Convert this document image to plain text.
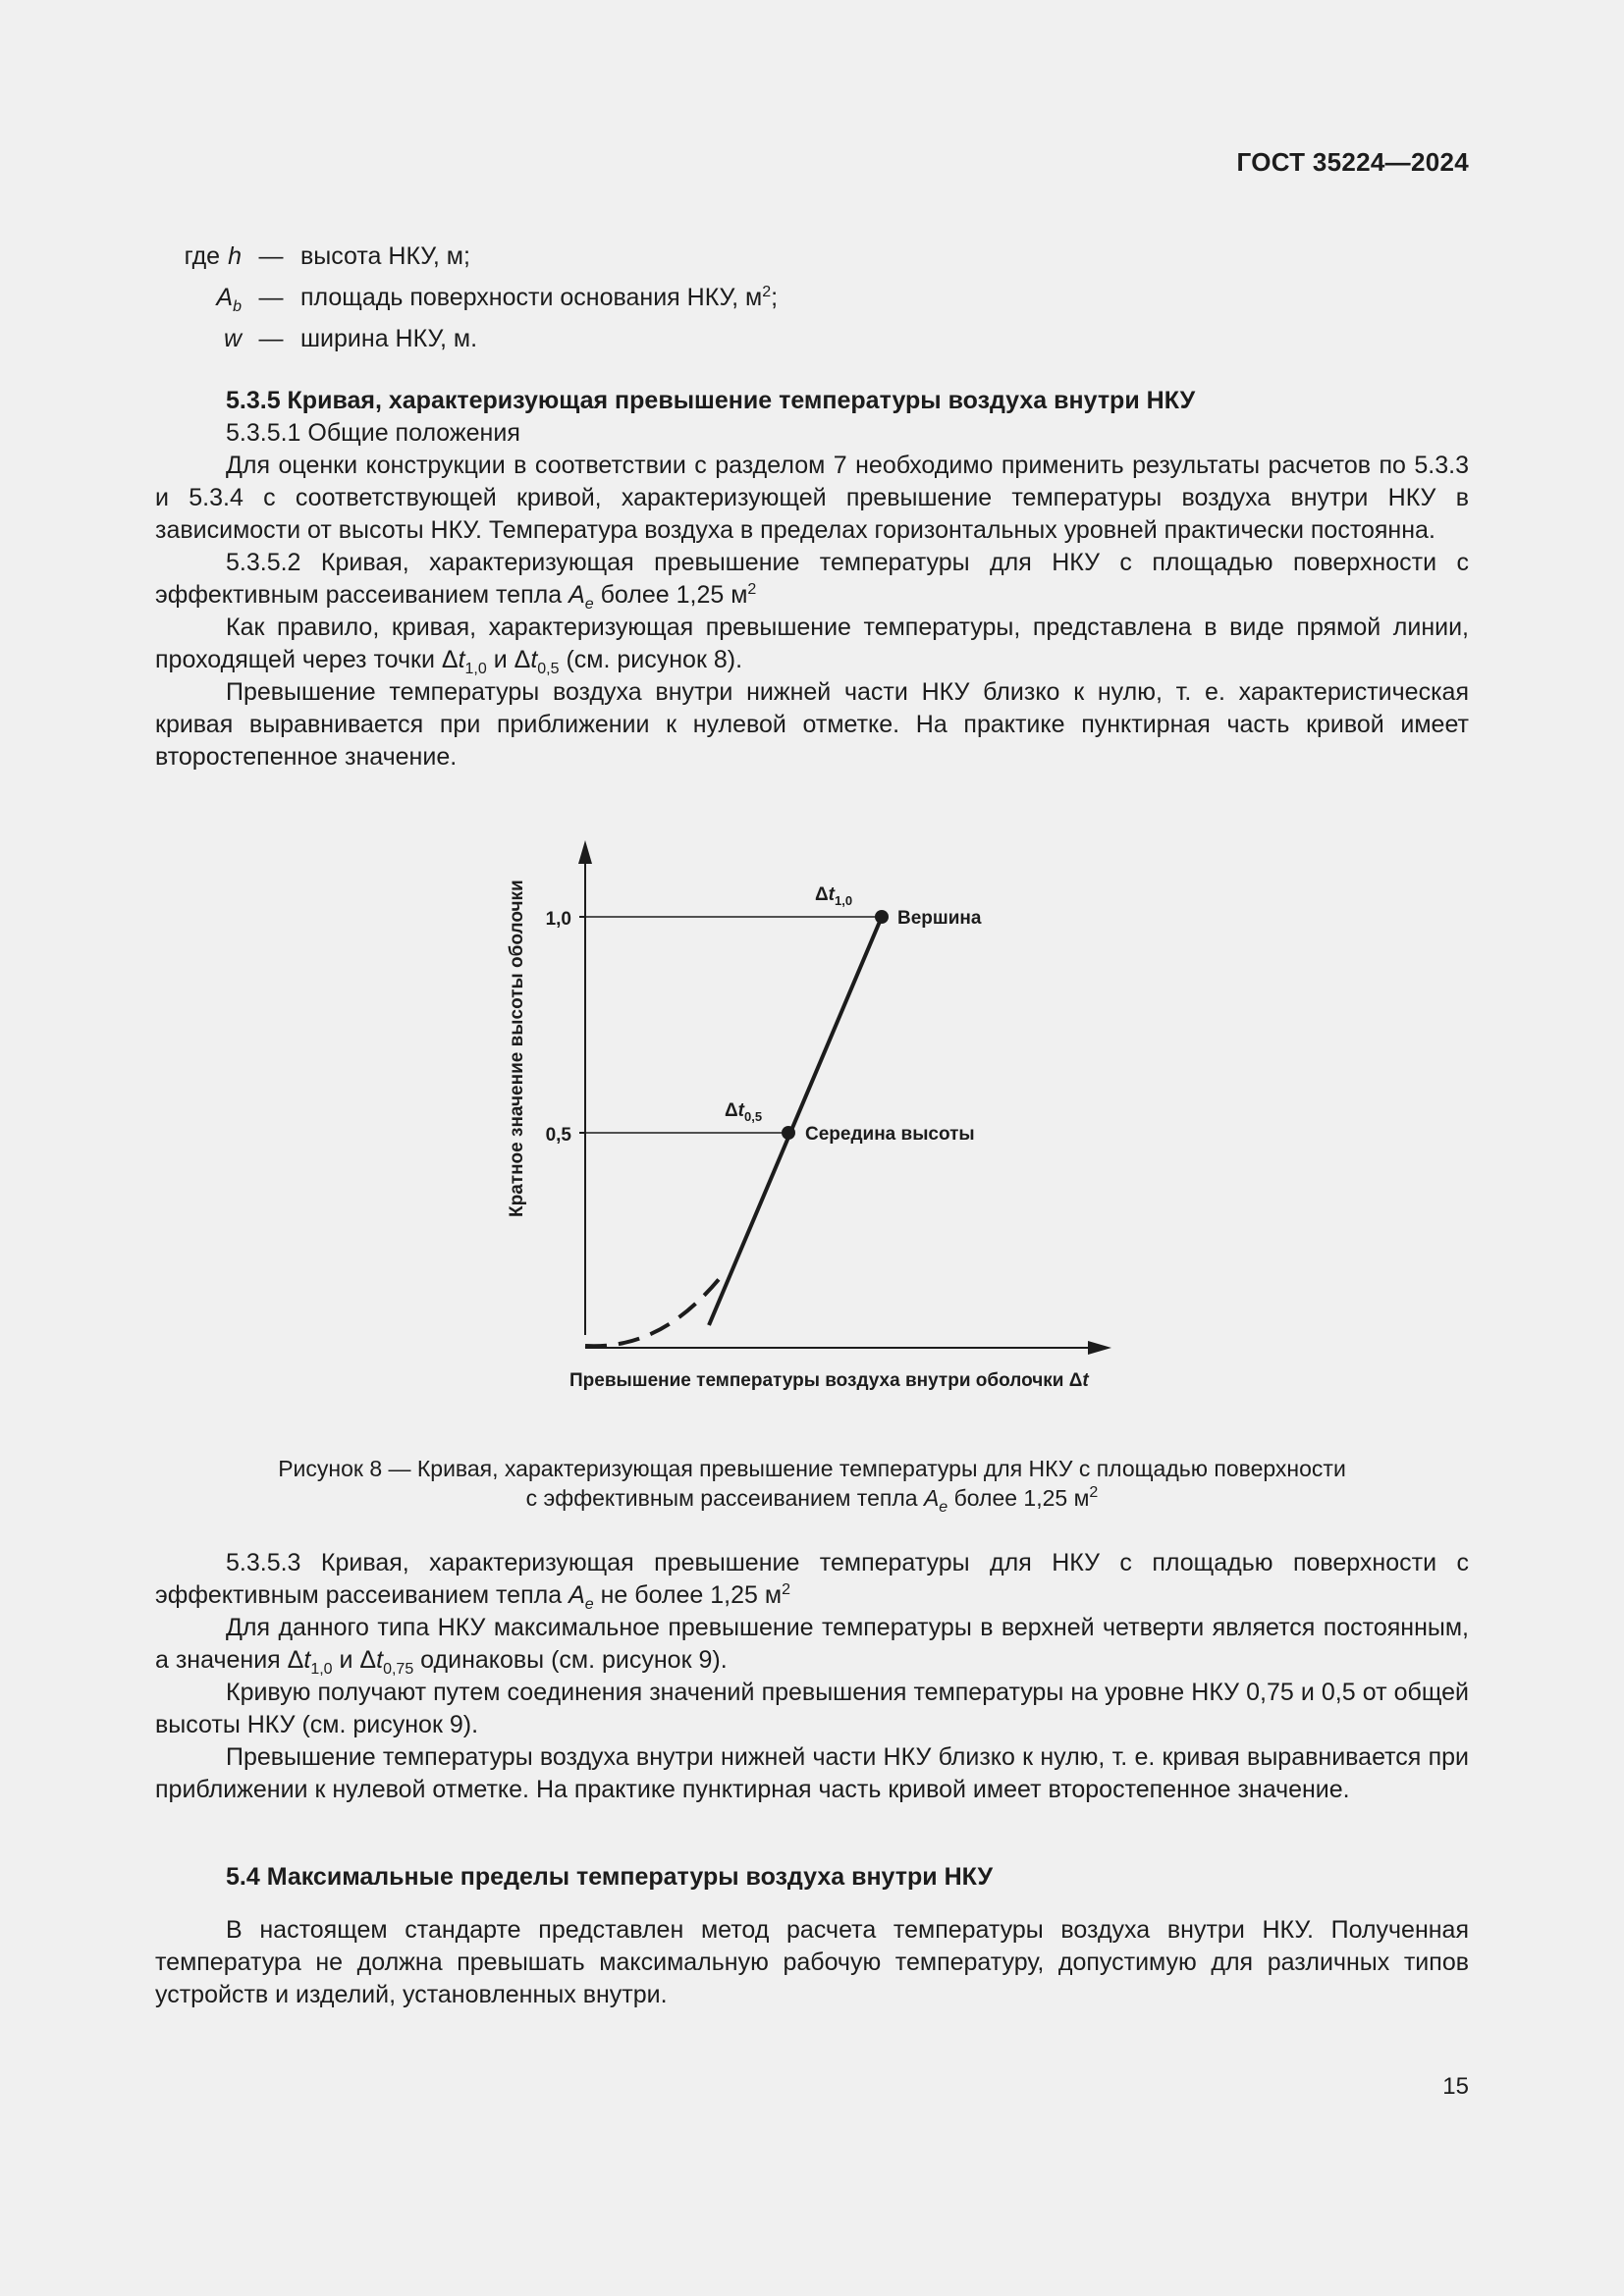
ГОСТ 35224—2024
где h — высота НКУ, м;
$A_b$ — площадь поверхности основания НКУ, $м^2$;
w — ширина НКУ, м.

5.3.5 Кривая, характеризующая превышение температуры воздуха внутри НКУ

5.3.5.1 Общие положения

Для оценки конструкции в соответствии с разделом 7 необходимо применить результаты расчетов по 5.3.3 и 5.3.4 с соответствующей кривой, характеризующей превышение температуры воздуха внутри НКУ в зависимости от высоты НКУ. Температура воздуха в пределах горизонтальных уровней практически постоянна.

5.3.5.2 Кривая, характеризующая превышение температуры для НКУ с площадью поверхности с эффективным рассеиванием тепла $A_e$ более 1,25 $м^2$

Как правило, кривая, характеризующая превышение температуры, представлена в виде прямой линии, проходящей через точки $\Delta t_{1,0}$ и $\Delta t_{0,5}$ (см. рисунок 8).

Превышение температуры воздуха внутри нижней части НКУ близко к нулю, т. е. характеристическая кривая выравнивается при приближении к нулевой отметке. На практике пунктирная часть кривой имеет второстепенное значение.

1,0
0,5
Вершина
Середина высоты
$\Delta t_{1,0}$
$\Delta t_{0,5}$
Кратное значение высоты оболочки
Превышение температуры воздуха внутри оболочки Δt

Рисунок 8 — Кривая, характеризующая превышение температуры для НКУ с площадью поверхности

с эффективным рассеиванием тепла $A_e$ более 1,25 $м^2$

5.3.5.3 Кривая, характеризующая превышение температуры для НКУ с площадью поверхности с эффективным рассеиванием тепла $A_e$ не более 1,25 $м^2$

Для данного типа НКУ максимальное превышение температуры в верхней четверти является постоянным, а значения $\Delta t_{1,0}$ и $\Delta t_{0,75}$ одинаковы (см. рисунок 9).

Кривую получают путем соединения значений превышения температуры на уровне НКУ 0,75 и 0,5 от общей высоты НКУ (см. рисунок 9).

Превышение температуры воздуха внутри нижней части НКУ близко к нулю, т. е. кривая выравнивается при приближении к нулевой отметке. На практике пунктирная часть кривой имеет второстепенное значение.

5.4 Максимальные пределы температуры воздуха внутри НКУ

В настоящем стандарте представлен метод расчета температуры воздуха внутри НКУ. Полученная температура не должна превышать максимальную рабочую температуру, допустимую для различных типов устройств и изделий, установленных внутри.

15
